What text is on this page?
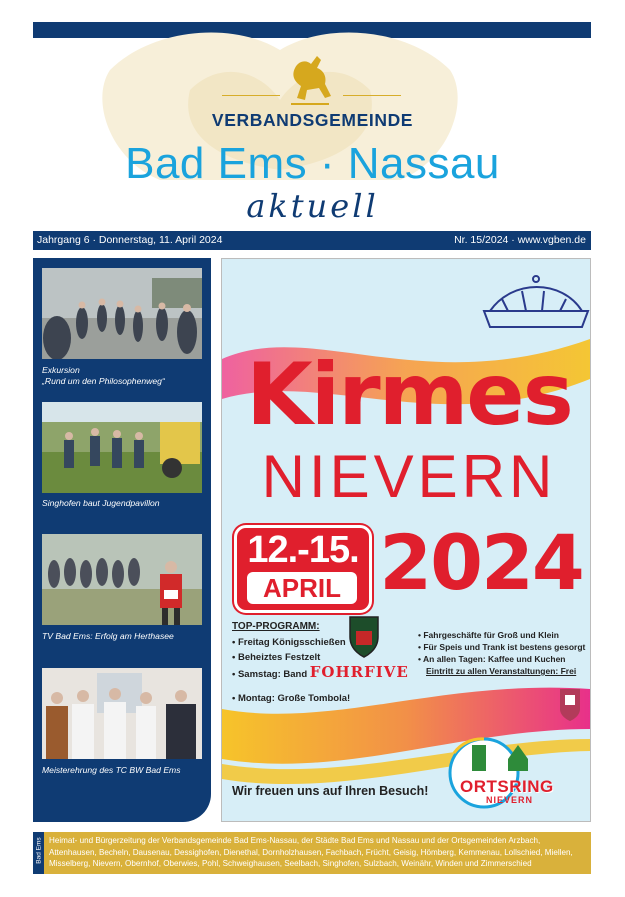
VERBANDSGEMEINDE
Bad Ems · Nassau
aktuell
Jahrgang 6 · Donnerstag, 11. April 2024	Nr. 15/2024 · www.vgben.de
Exkursion
„Rund um den Philosophenweg“
Singhofen baut Jugendpavillon
TV Bad Ems: Erfolg am Herthasee
Meisterehrung des TC BW Bad Ems
Kirmes
NIEVERN
12.-15.
APRIL 2024
TOP-PROGRAMM:
• Freitag Königsschießen
• Beheiztes Festzelt
• Samstag: Band FOHRFIVE
• Montag: Große Tombola!
• Fahrgeschäfte für Groß und Klein
• Für Speis und Trank ist bestens gesorgt
• An allen Tagen: Kaffee und Kuchen
Eintritt zu allen Veranstaltungen: Frei
Wir freuen uns auf Ihren Besuch! ORTSRING
NIEVERN
Bad Ems Heimat- und Bürgerzeitung der Verbandsgemeinde Bad Ems-Nassau, der Städte Bad Ems und Nassau und der Ortsgemeinden Arzbach, Attenhausen, Becheln, Dausenau, Dessighofen, Dienethal, Dornholzhausen, Fachbach, Frücht, Geisig, Hömberg, Kemmenau, Lollschied, Miellen, Misselberg, Nievern, Obernhof, Oberwies, Pohl, Schweighausen, Seelbach, Singhofen, Sulzbach, Weinähr, Winden und Zimmerschied
